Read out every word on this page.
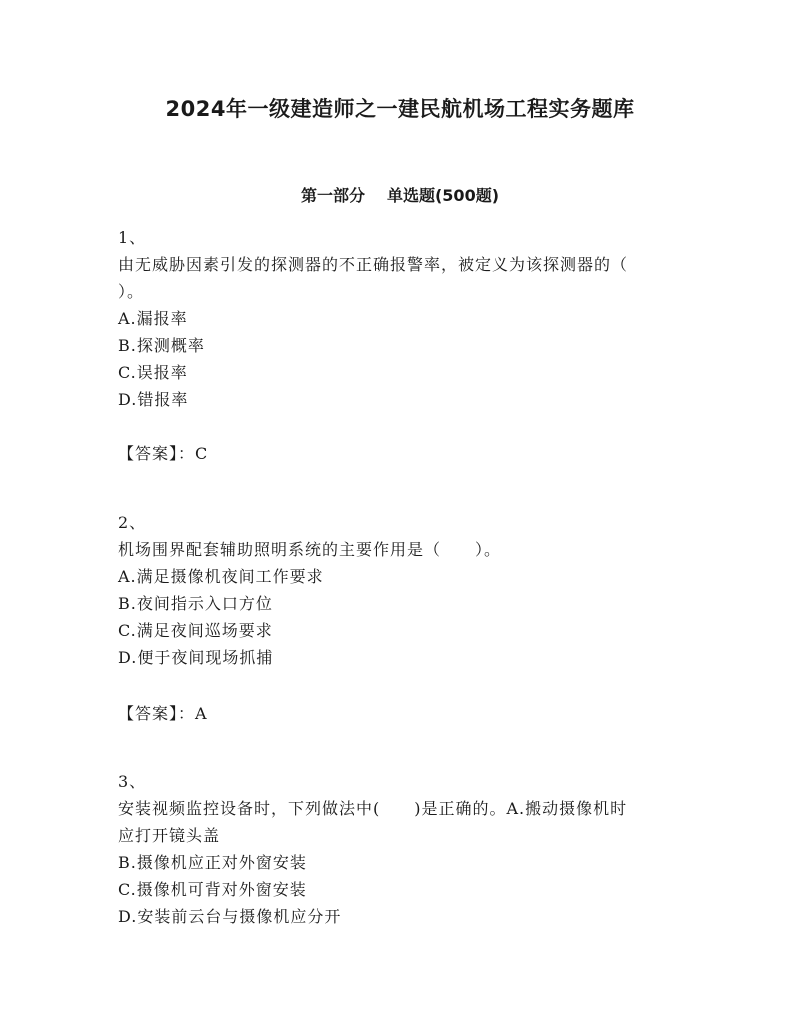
2024年一级建造师之一建民航机场工程实务题库
第一部分 单选题(500题)
1、
由无威胁因素引发的探测器的不正确报警率，被定义为该探测器的（
）。
A.漏报率
B.探测概率
C.误报率
D.错报率
【答案】：C
2、
机场围界配套辅助照明系统的主要作用是（　　）。
A.满足摄像机夜间工作要求
B.夜间指示入口方位
C.满足夜间巡场要求
D.便于夜间现场抓捕
【答案】：A
3、
安装视频监控设备时，下列做法中(　　)是正确的。A.搬动摄像机时
应打开镜头盖
B.摄像机应正对外窗安装
C.摄像机可背对外窗安装
D.安装前云台与摄像机应分开
